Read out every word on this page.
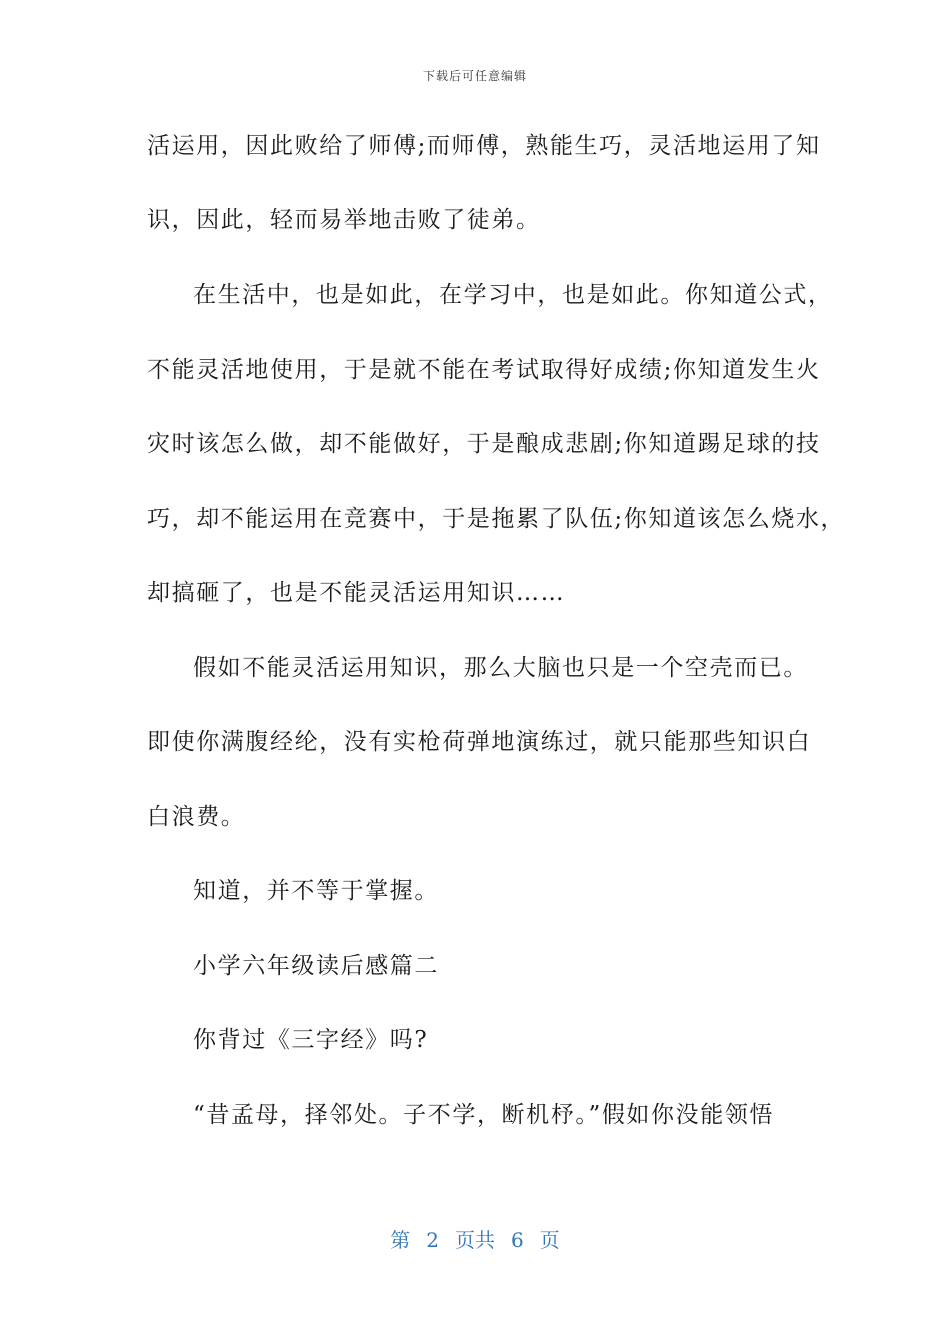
下载后可任意编辑
活运用，因此败给了师傅;而师傅，熟能生巧，灵活地运用了知
识，因此，轻而易举地击败了徒弟。
在生活中，也是如此，在学习中，也是如此。你知道公式，
不能灵活地使用，于是就不能在考试取得好成绩;你知道发生火
灾时该怎么做，却不能做好，于是酿成悲剧;你知道踢足球的技
巧，却不能运用在竞赛中，于是拖累了队伍;你知道该怎么烧水，
却搞砸了，也是不能灵活运用知识……
假如不能灵活运用知识，那么大脑也只是一个空壳而已。
即使你满腹经纶，没有实枪荷弹地演练过，就只能那些知识白
白浪费。
知道，并不等于掌握。
小学六年级读后感篇二
你背过《三字经》吗?
“昔孟母，择邻处。子不学，断机杼。”假如你没能领悟
第 2 页共 6 页
